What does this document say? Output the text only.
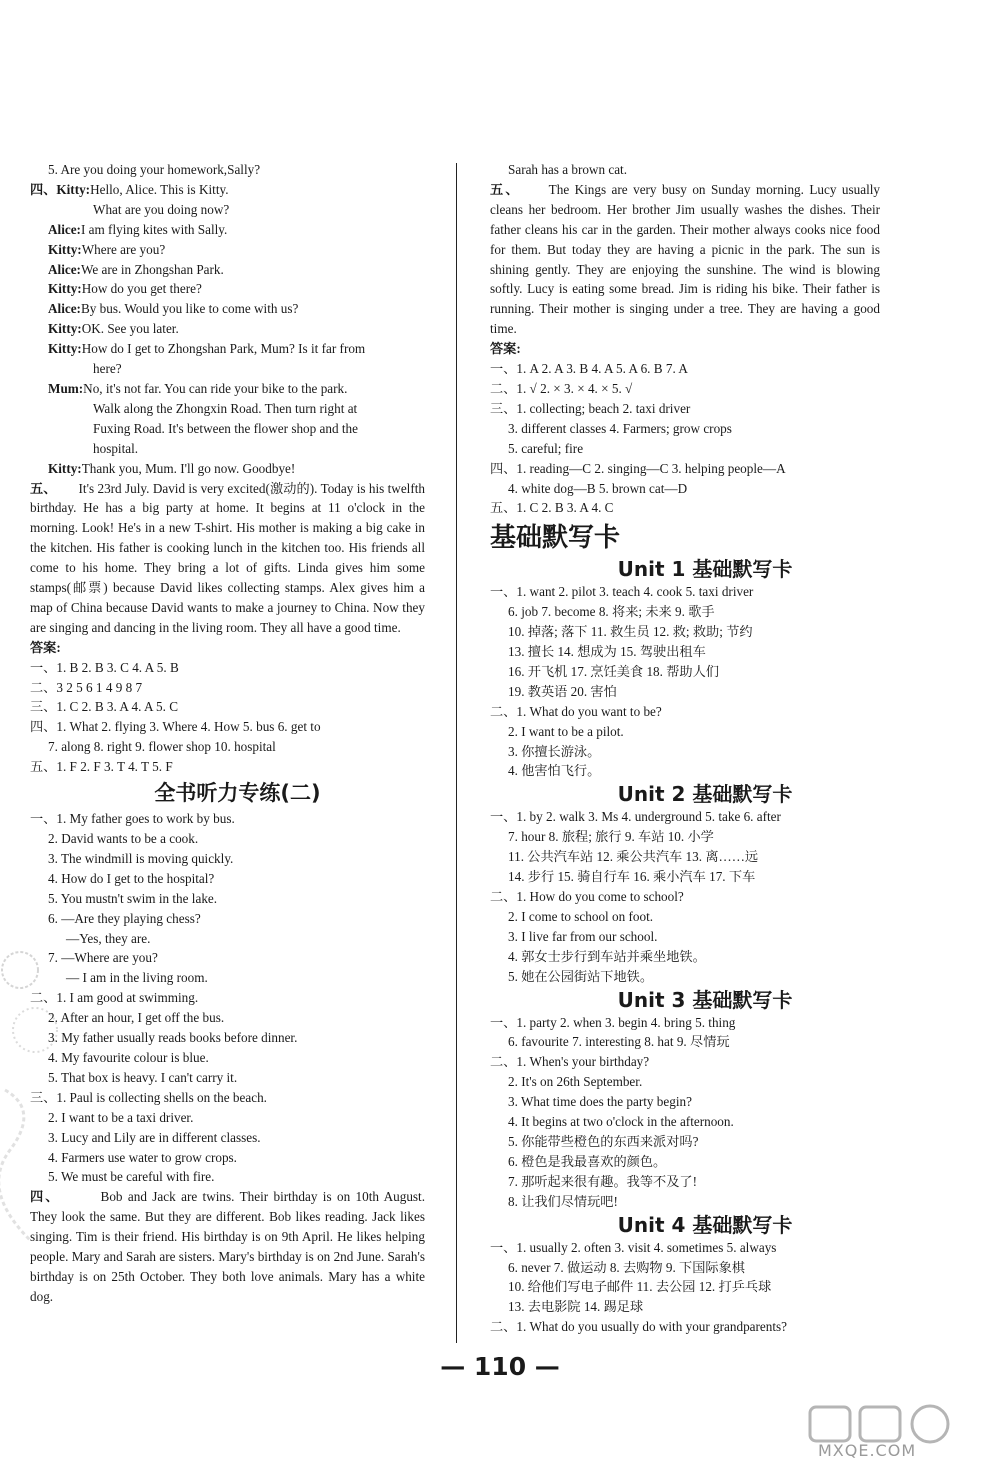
5. Are you doing your homework,Sally?
四、Kitty:Hello, Alice. This is Kitty.
What are you doing now?
Alice:I am flying kites with Sally.
Kitty:Where are you?
Alice:We are in Zhongshan Park.
Kitty:How do you get there?
Alice:By bus. Would you like to come with us?
Kitty:OK. See you later.
Kitty:How do I get to Zhongshan Park, Mum? Is it far from
here?
Mum:No, it's not far. You can ride your bike to the park.
Walk along the Zhongxin Road. Then turn right at
Fuxing Road. It's between the flower shop and the
hospital.
Kitty:Thank you, Mum. I'll go now. Goodbye!
五、 It's 23rd July. David is very excited(激动的). Today is his twelfth birthday. He has a big party at home. It begins at 11 o'clock in the morning. Look! He's in a new T-shirt. His mother is making a big cake in the kitchen. His father is cooking lunch in the kitchen too. His friends all come to his home. They bring a lot of gifts. Linda gives him some stamps(邮票) because David likes collecting stamps. Alex gives him a map of China because David wants to make a journey to China. Now they are singing and dancing in the living room. They all have a good time.
答案:
一、1. B 2. B 3. C 4. A 5. B
二、3 2 5 6 1 4 9 8 7
三、1. C 2. B 3. A 4. A 5. C
四、1. What 2. flying 3. Where 4. How 5. bus 6. get to
7. along 8. right 9. flower shop 10. hospital
五、1. F 2. F 3. T 4. T 5. F
全书听力专练(二)
一、1. My father goes to work by bus.
2. David wants to be a cook.
3. The windmill is moving quickly.
4. How do I get to the hospital?
5. You mustn't swim in the lake.
6. —Are they playing chess?
—Yes, they are.
7. —Where are you?
— I am in the living room.
二、1. I am good at swimming.
2. After an hour, I get off the bus.
3. My father usually reads books before dinner.
4. My favourite colour is blue.
5. That box is heavy. I can't carry it.
三、1. Paul is collecting shells on the beach.
2. I want to be a taxi driver.
3. Lucy and Lily are in different classes.
4. Farmers use water to grow crops.
5. We must be careful with fire.
四、	Bob and Jack are twins. Their birthday is on 10th August. They look the same. But they are different. Bob likes reading. Jack likes singing. Tim is their friend. His birthday is on 9th April. He likes helping people. Mary and Sarah are sisters. Mary's birthday is on 2nd June. Sarah's birthday is on 25th October. They both love animals. Mary has a white dog.
Sarah has a brown cat.
五、 The Kings are very busy on Sunday morning. Lucy usually cleans her bedroom. Her brother Jim usually washes the dishes. Their father cleans his car in the garden. Their mother always cooks nice food for them. But today they are having a picnic in the park. The sun is shining gently. They are enjoying the sunshine. The wind is blowing softly. Lucy is eating some bread. Jim is riding his bike. Their father is running. Their mother is singing under a tree. They are having a good time.
答案:
一、1. A 2. A 3. B 4. A 5. A 6. B 7. A
二、1. √ 2. × 3. × 4. × 5. √
三、1. collecting; beach 2. taxi driver
3. different classes 4. Farmers; grow crops
5. careful; fire
四、1. reading—C 2. singing—C 3. helping people—A
4. white dog—B 5. brown cat—D
五、1. C 2. B 3. A 4. C
基础默写卡
Unit 1 基础默写卡
一、1. want 2. pilot 3. teach 4. cook 5. taxi driver
6. job 7. become 8. 将来; 未来 9. 歌手
10. 掉落; 落下 11. 救生员 12. 救; 救助; 节约
13. 擅长 14. 想成为 15. 驾驶出租车
16. 开飞机 17. 烹饪美食 18. 帮助人们
19. 教英语 20. 害怕
二、1. What do you want to be?
2. I want to be a pilot.
3. 你擅长游泳。
4. 他害怕飞行。
Unit 2 基础默写卡
一、1. by 2. walk 3. Ms 4. underground 5. take 6. after
7. hour 8. 旅程; 旅行 9. 车站 10. 小学
11. 公共汽车站 12. 乘公共汽车 13. 离……远
14. 步行 15. 骑自行车 16. 乘小汽车 17. 下车
二、1. How do you come to school?
2. I come to school on foot.
3. I live far from our school.
4. 郭女士步行到车站并乘坐地铁。
5. 她在公园街站下地铁。
Unit 3 基础默写卡
一、1. party 2. when 3. begin 4. bring 5. thing
6. favourite 7. interesting 8. hat 9. 尽情玩
二、1. When's your birthday?
2. It's on 26th September.
3. What time does the party begin?
4. It begins at two o'clock in the afternoon.
5. 你能带些橙色的东西来派对吗?
6. 橙色是我最喜欢的颜色。
7. 那听起来很有趣。我等不及了!
8. 让我们尽情玩吧!
Unit 4 基础默写卡
一、1. usually 2. often 3. visit 4. sometimes 5. always
6. never 7. 做运动 8. 去购物 9. 下国际象棋
10. 给他们写电子邮件 11. 去公园 12. 打乒乓球
13. 去电影院 14. 踢足球
二、1. What do you usually do with your grandparents?
— 110 —
MXQE.COM
